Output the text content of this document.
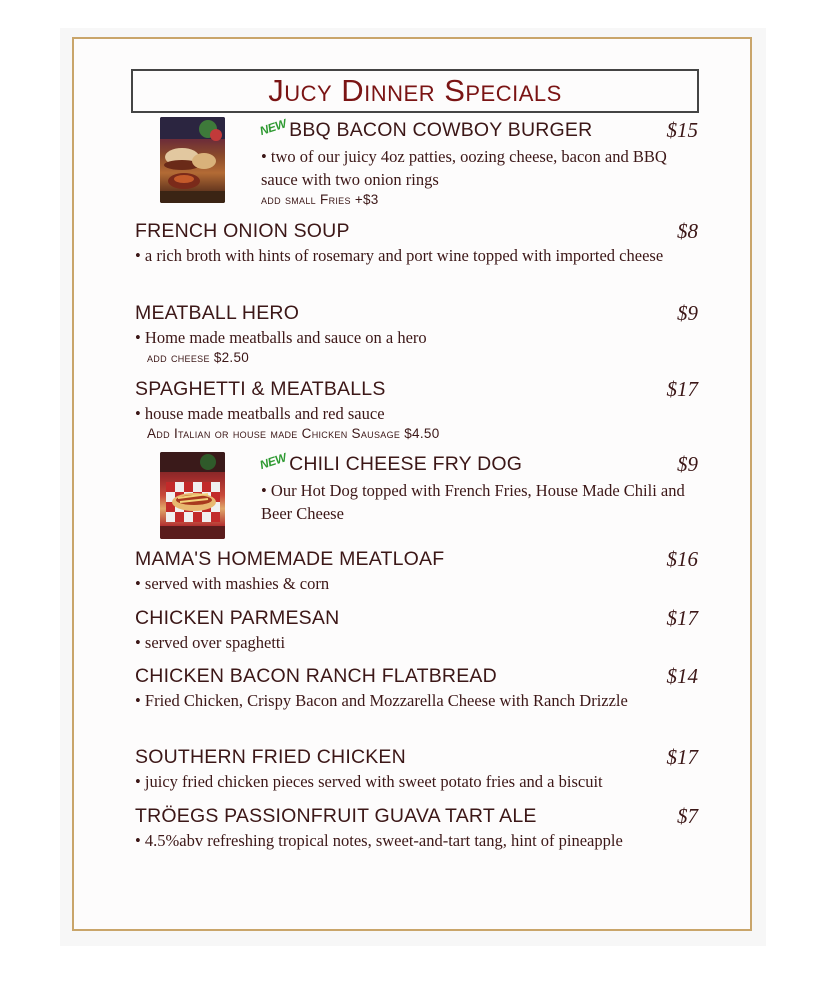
Jucy Dinner Specials
NEWBBQ BACON COWBOY BURGER	$15
• two of our juicy 4oz patties, oozing cheese, bacon and BBQ sauce with two onion rings
add small Fries +$3
FRENCH ONION SOUP	$8
• a rich broth with hints of rosemary and port wine topped with imported cheese
MEATBALL HERO	$9
• Home made meatballs and sauce on a hero
add cheese $2.50
SPAGHETTI & MEATBALLS	$17
• house made meatballs and red sauce
Add Italian or house made Chicken Sausage $4.50
NEWCHILI CHEESE FRY DOG	$9
• Our Hot Dog topped with French Fries, House Made Chili and Beer Cheese
MAMA'S HOMEMADE MEATLOAF	$16
• served with mashies & corn
CHICKEN PARMESAN	$17
• served over spaghetti
CHICKEN BACON RANCH FLATBREAD	$14
• Fried Chicken, Crispy Bacon and Mozzarella Cheese with Ranch Drizzle
SOUTHERN FRIED CHICKEN	$17
• juicy fried chicken pieces served with sweet potato fries and a biscuit
TRÖEGS PASSIONFRUIT GUAVA TART ALE	$7
• 4.5%abv refreshing tropical notes, sweet-and-tart tang, hint of pineapple
